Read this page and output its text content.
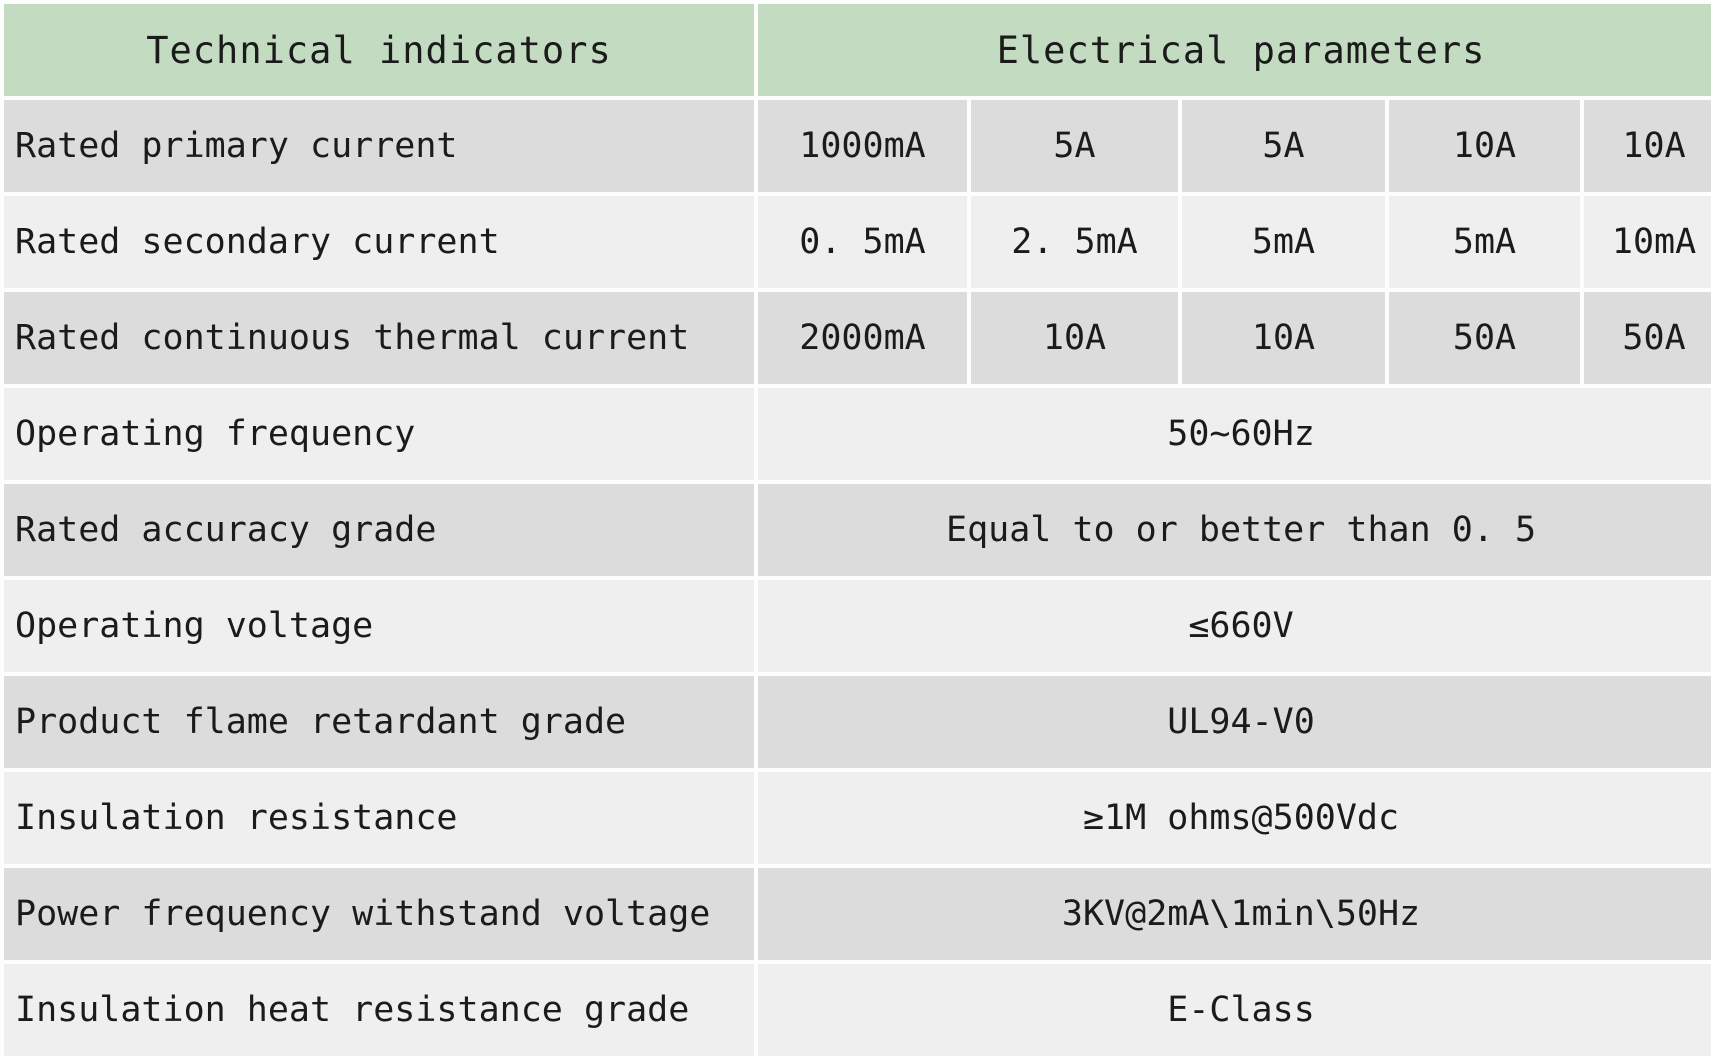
Technical indicators	Electrical parameters				
Rated primary current	1000mA	5A	5A	10A	10A
Rated secondary current	0. 5mA	2. 5mA	5mA	5mA	10mA
Rated continuous thermal current	2000mA	10A	10A	50A	50A
Operating frequency	50~60Hz				
Rated accuracy grade	Equal to or better than 0. 5				
Operating voltage	≤660V				
Product flame retardant grade	UL94-V0				
Insulation resistance	≥1M ohms@500Vdc				
Power frequency withstand voltage	3KV@2mA\1min\50Hz				
Insulation heat resistance grade	E-Class				
